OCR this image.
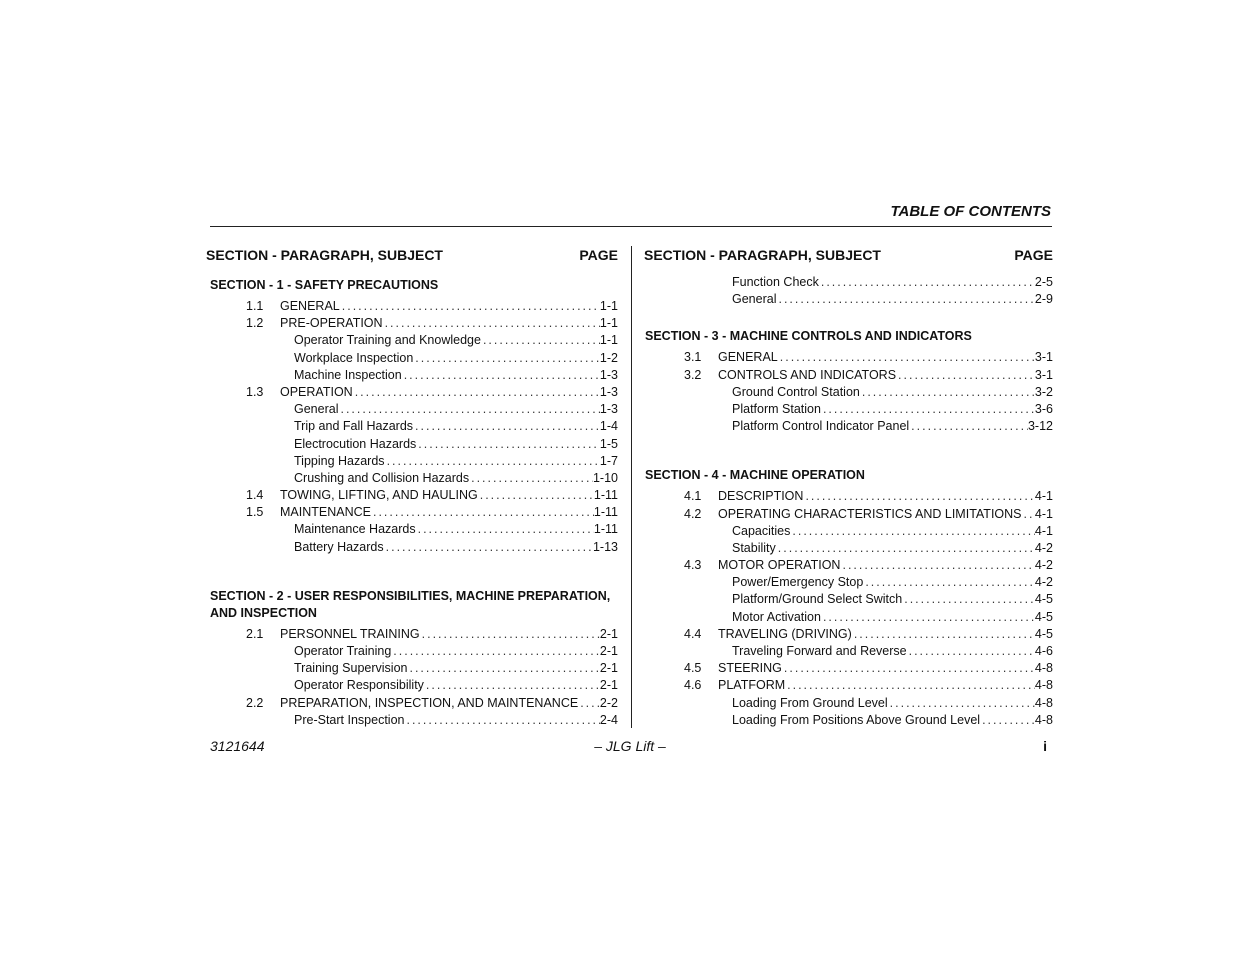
TABLE OF CONTENTS
SECTION - PARAGRAPH, SUBJECT	PAGE
SECTION - 1 - SAFETY PRECAUTIONS
1.1	GENERAL .....	1-1
1.2	PRE-OPERATION .....	1-1
Operator Training and Knowledge .....	1-1
Workplace Inspection .....	1-2
Machine Inspection .....	1-3
1.3	OPERATION .....	1-3
General .....	1-3
Trip and Fall Hazards .....	1-4
Electrocution Hazards .....	1-5
Tipping Hazards .....	1-7
Crushing and Collision Hazards .....	1-10
1.4	TOWING, LIFTING, AND HAULING .....	1-11
1.5	MAINTENANCE .....	1-11
Maintenance Hazards .....	1-11
Battery Hazards .....	1-13
SECTION - 2 - USER RESPONSIBILITIES, MACHINE PREPARATION, AND INSPECTION
2.1	PERSONNEL TRAINING .....	2-1
Operator Training .....	2-1
Training Supervision .....	2-1
Operator Responsibility .....	2-1
2.2	PREPARATION, INSPECTION, AND MAINTENANCE ..... 2-2
Pre-Start Inspection .....	2-4
SECTION - PARAGRAPH, SUBJECT	PAGE
Function Check .....	2-5
General .....	2-9
SECTION - 3 - MACHINE CONTROLS AND INDICATORS
3.1	GENERAL .....	3-1
3.2	CONTROLS AND INDICATORS .....	3-1
Ground Control Station .....	3-2
Platform Station .....	3-6
Platform Control Indicator Panel .....	3-12
SECTION - 4 - MACHINE OPERATION
4.1	DESCRIPTION .....	4-1
4.2	OPERATING CHARACTERISTICS AND LIMITATIONS ..... 4-1
Capacities .....	4-1
Stability .....	4-2
4.3	MOTOR OPERATION .....	4-2
Power/Emergency Stop .....	4-2
Platform/Ground Select Switch .....	4-5
Motor Activation .....	4-5
4.4	TRAVELING (DRIVING) .....	4-5
Traveling Forward and Reverse .....	4-6
4.5	STEERING .....	4-8
4.6	PLATFORM .....	4-8
Loading From Ground Level .....	4-8
Loading From Positions Above Ground Level .....	4-8
3121644	– JLG Lift –	i
